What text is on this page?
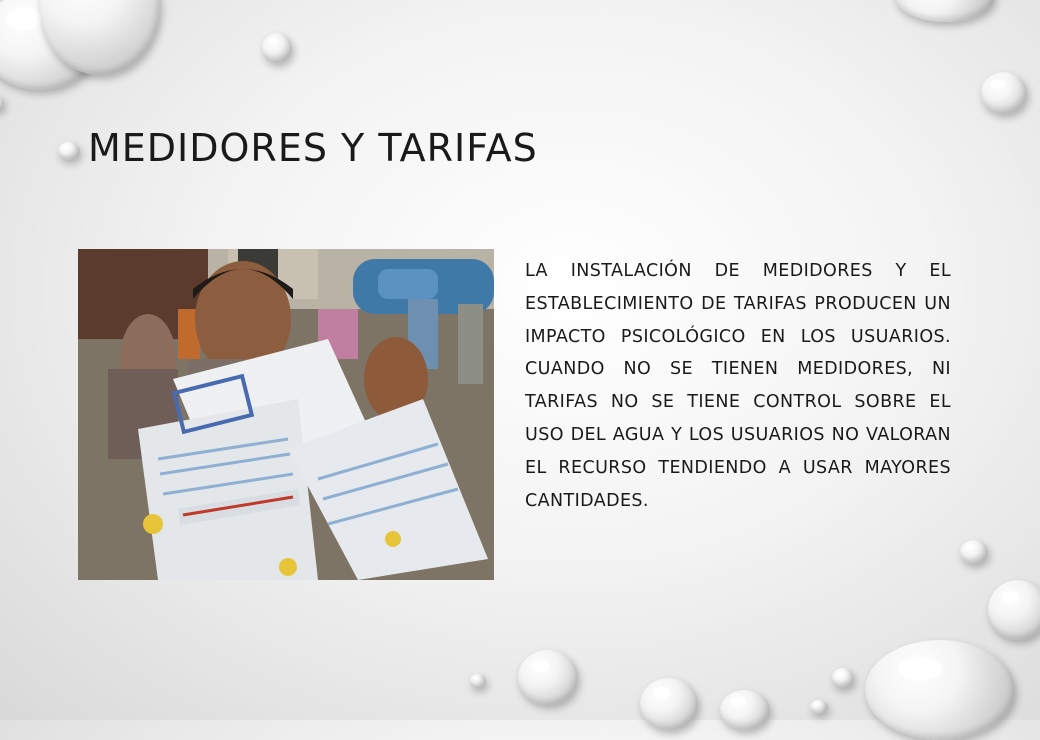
MEDIDORES Y TARIFAS

LA INSTALACIÓN DE MEDIDORES Y EL ESTABLECIMIENTO DE TARIFAS PRODUCEN UN IMPACTO PSICOLÓGICO EN LOS USUARIOS. CUANDO NO SE TIENEN MEDIDORES, NI TARIFAS NO SE TIENE CONTROL SOBRE EL USO DEL AGUA Y LOS USUARIOS NO VALORAN EL RECURSO TENDIENDO A USAR MAYORES CANTIDADES.
